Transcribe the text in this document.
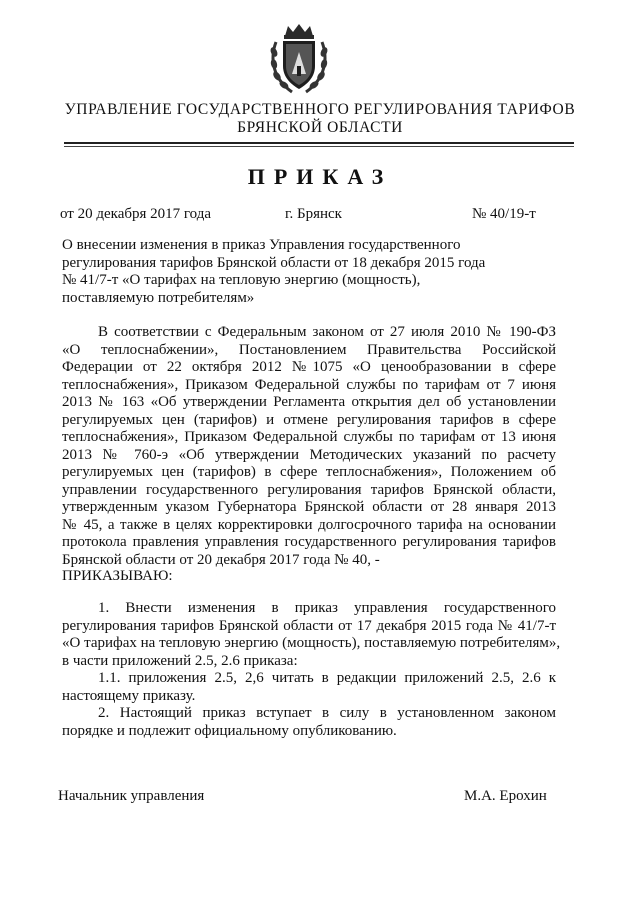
УПРАВЛЕНИЕ ГОСУДАРСТВЕННОГО РЕГУЛИРОВАНИЯ ТАРИФОВ
БРЯНСКОЙ ОБЛАСТИ
ПРИКАЗ
от 20 декабря 2017 года	г. Брянск	№ 40/19-т
О внесении изменения в приказ Управления государственного
регулирования тарифов Брянской области от 18 декабря 2015 года
№ 41/7-т «О тарифах на тепловую энергию (мощность),
поставляемую потребителям»
В соответствии с Федеральным законом от 27 июля 2010 № 190-ФЗ
«О теплоснабжении», Постановлением Правительства Российской
Федерации от 22 октября 2012 №1075 «О ценообразовании в сфере
теплоснабжения», Приказом Федеральной службы по тарифам от 7 июня
2013 № 163 «Об утверждении Регламента открытия дел об установлении
регулируемых цен (тарифов) и отмене регулирования тарифов в сфере
теплоснабжения», Приказом Федеральной службы по тарифам от 13 июня
2013 № 760-э «Об утверждении Методических указаний по расчету
регулируемых цен (тарифов) в сфере теплоснабжения», Положением об
управлении государственного регулирования тарифов Брянской области,
утвержденным указом Губернатора Брянской области от 28 января 2013
№ 45, а также в целях корректировки долгосрочного тарифа на основании
протокола правления управления государственного регулирования тарифов
Брянской области от 20 декабря 2017 года № 40, -
ПРИКАЗЫВАЮ:
1. Внести изменения в приказ управления государственного
регулирования тарифов Брянской области от 17 декабря 2015 года № 41/7-т
«О тарифах на тепловую энергию (мощность), поставляемую потребителям»,
в части приложений 2.5, 2.6 приказа:
1.1. приложения 2.5, 2,6 читать в редакции приложений 2.5, 2.6 к
настоящему приказу.
2. Настоящий приказ вступает в силу в установленном законом
порядке и подлежит официальному опубликованию.
Начальник управления	М.А. Ерохин
